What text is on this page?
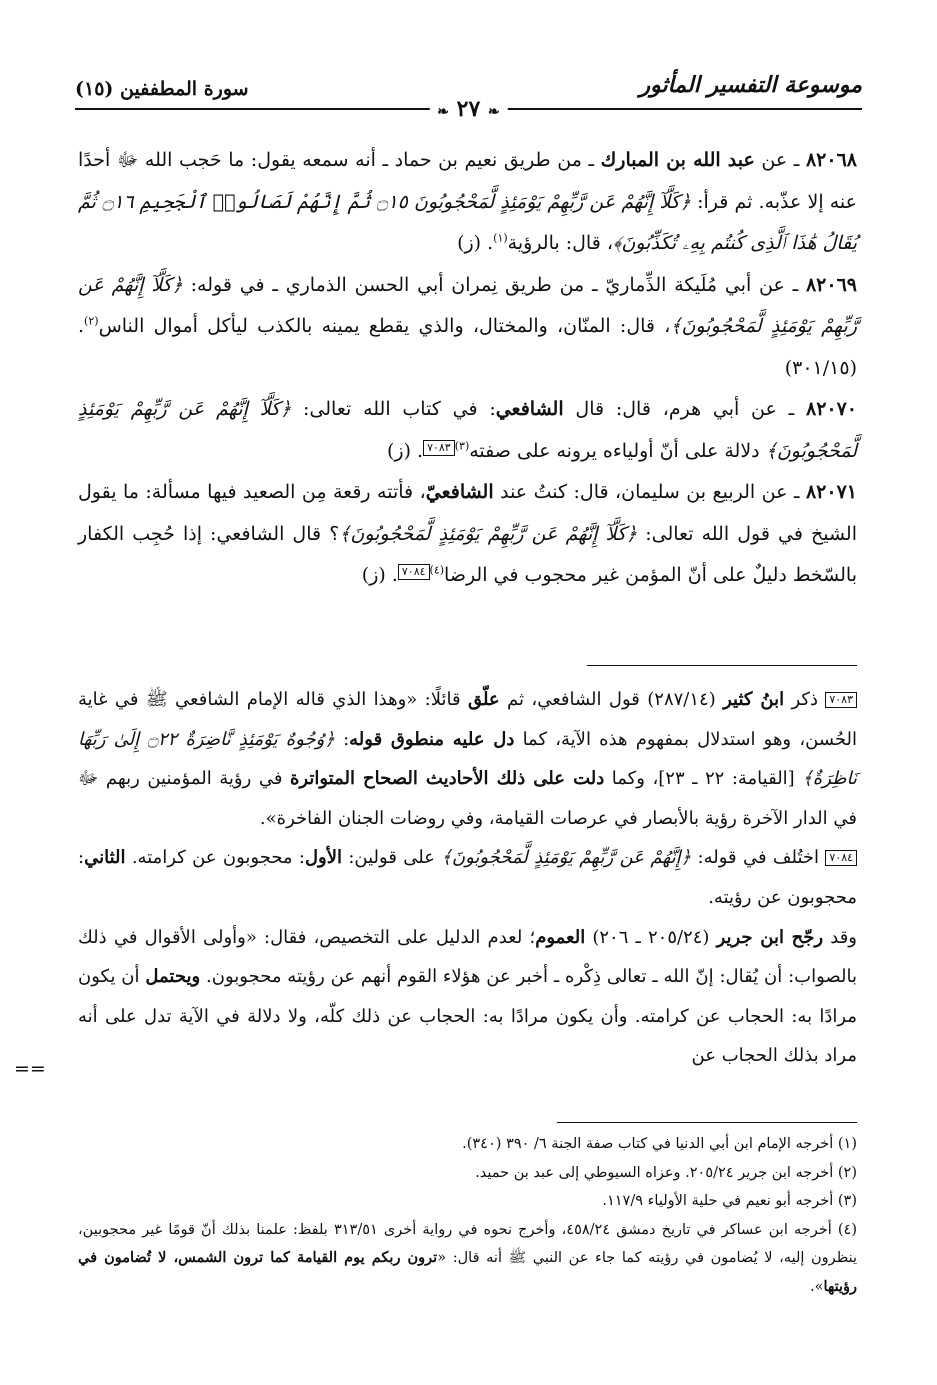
موسوعة التفسير المأثور
سورة المطففين (١٥)
❧ ٢٧ ❧

٨٢٠٦٨ ـ عن عبد الله بن المبارك ـ من طريق نعيم بن حماد ـ أنه سمعه يقول: ما حَجب الله ﷻ أحدًا عنه إلا عذّبه. ثم قرأ: ﴿كَلَّآ إِنَّهُمْ عَن رَّبِّهِمْ يَوْمَئِذٍ لَّمَحْجُوبُونَ ۝١٥ ثُمَّ إِنَّهُمْ لَصَالُوا۟ ٱلْجَحِيمِ ۝١٦ ثُمَّ يُقَالُ هَٰذَا ٱلَّذِى كُنتُم بِهِۦ تُكَذِّبُونَ﴾، قال: بالرؤية$^{(١)}$. (ز)

٨٢٠٦٩ ـ عن أبي مُلَيكة الذِّماريّ ـ من طريق نِمران أبي الحسن الذماري ـ في قوله: ﴿كَلَّآ إِنَّهُمْ عَن رَّبِّهِمْ يَوْمَئِذٍ لَّمَحْجُوبُونَ﴾، قال: المنّان، والمختال، والذي يقطع يمينه بالكذب ليأكل أموال الناس$^{(٢)}$. (٣٠١/١٥)

٨٢٠٧٠ ـ عن أبي هرم، قال: قال الشافعي: في كتاب الله تعالى: ﴿كَلَّآ إِنَّهُمْ عَن رَّبِّهِمْ يَوْمَئِذٍ لَّمَحْجُوبُونَ﴾ دلالة على أنّ أولياءه يرونه على صفته$^{(٣)}$٧٠٨٣. (ز)

٨٢٠٧١ ـ عن الربيع بن سليمان، قال: كنتُ عند الشافعيّ، فأتته رقعة مِن الصعيد فيها مسألة: ما يقول الشيخ في قول الله تعالى: ﴿كَلَّآ إِنَّهُمْ عَن رَّبِّهِمْ يَوْمَئِذٍ لَّمَحْجُوبُونَ﴾؟ قال الشافعي: إذا حُجِب الكفار بالسّخط دليلٌ على أنّ المؤمن غير محجوب في الرضا$^{(٤)}$٧٠٨٤. (ز)

٧٠٨٣ ذكر ابنُ كثير (٢٨٧/١٤) قول الشافعي، ثم علّق قائلًا: «وهذا الذي قاله الإمام الشافعي ﷺ في غاية الحُسن، وهو استدلال بمفهوم هذه الآية، كما دل عليه منطوق قوله: ﴿وُجُوهٌ يَوْمَئِذٍ نَّاضِرَةٌ ۝٢٢ إِلَىٰ رَبِّهَا نَاظِرَةٌ﴾ [القيامة: ٢٢ ـ ٢٣]، وكما دلت على ذلك الأحاديث الصحاح المتواترة في رؤية المؤمنين ربهم ﷻ في الدار الآخرة رؤية بالأبصار في عرصات القيامة، وفي روضات الجنان الفاخرة».

٧٠٨٤ اختُلف في قوله: ﴿إِنَّهُمْ عَن رَّبِّهِمْ يَوْمَئِذٍ لَّمَحْجُوبُونَ﴾ على قولين: الأول: محجوبون عن كرامته. الثاني: محجوبون عن رؤيته.

وقد رجّح ابن جرير (٢٠٥/٢٤ ـ ٢٠٦) العموم؛ لعدم الدليل على التخصيص، فقال: «وأولى الأقوال في ذلك بالصواب: أن يُقال: إنّ الله ـ تعالى ذِكْره ـ أخبر عن هؤلاء القوم أنهم عن رؤيته محجوبون. ويحتمل أن يكون مرادًا به: الحجاب عن كرامته. وأن يكون مرادًا به: الحجاب عن ذلك كلّه، ولا دلالة في الآية تدل على أنه مراد بذلك الحجاب عن

==

(١) أخرجه الإمام ابن أبي الدنيا في كتاب صفة الجنة ٦/ ٣٩٠ (٣٤٠).

(٢) أخرجه ابن جرير ٢٠٥/٢٤. وعزاه السيوطي إلى عبد بن حميد.

(٣) أخرجه أبو نعيم في حلية الأولياء ١١٧/٩.

(٤) أخرجه ابن عساكر في تاريخ دمشق ٤٥٨/٢٤، وأخرج نحوه في رواية أخرى ٣١٣/٥١ بلفظ: علمنا بذلك أنّ قومًا غير محجوبين، ينظرون إليه، لا يُضامون في رؤيته كما جاء عن النبي ﷺ أنه قال: «ترون ربكم يوم القيامة كما ترون الشمس، لا تُضامون في رؤيتها».
